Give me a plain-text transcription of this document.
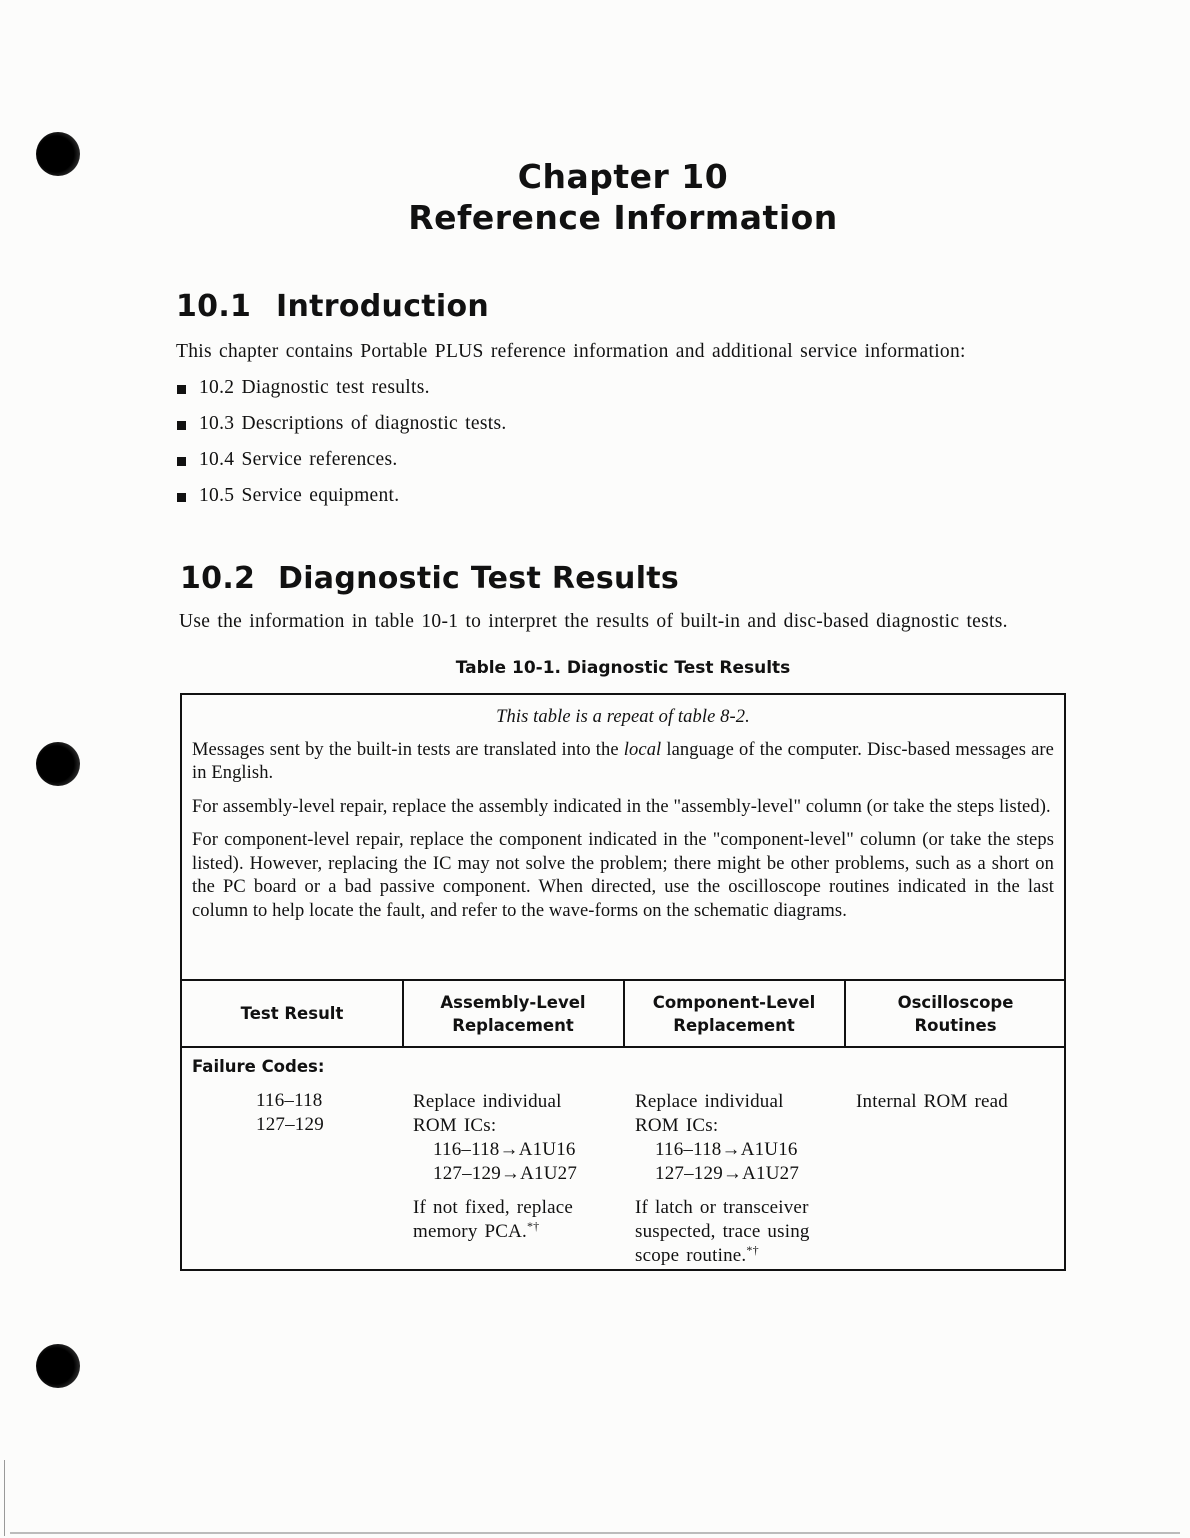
Chapter 10
Reference Information
10.1 Introduction
This chapter contains Portable PLUS reference information and additional service information:
10.2 Diagnostic test results.
10.3 Descriptions of diagnostic tests.
10.4 Service references.
10.5 Service equipment.
10.2 Diagnostic Test Results
Use the information in table 10-1 to interpret the results of built-in and disc-based diagnostic tests.
Table 10-1. Diagnostic Test Results
This table is a repeat of table 8-2.

Messages sent by the built-in tests are translated into the local language of the computer. Disc-based messages are in English.

For assembly-level repair, replace the assembly indicated in the "assembly-level" column (or take the steps listed).

For component-level repair, replace the component indicated in the "component-level" column (or take the steps listed). However, replacing the IC may not solve the problem; there might be other problems, such as a short on the PC board or a bad passive component. When directed, use the oscilloscope routines indicated in the last column to help locate the fault, and refer to the wave-forms on the schematic diagrams.

Test Result
Assembly-Level
Replacement
Component-Level
Replacement
Oscilloscope
Routines
Failure Codes:
116–118
127–129
Replace individual
ROM ICs:
116–118→A1U16
127–129→A1U27
If not fixed, replace
memory PCA.*†
Replace individual
ROM ICs:
116–118→A1U16
127–129→A1U27
If latch or transceiver
suspected, trace using
scope routine.*†
Internal ROM read
